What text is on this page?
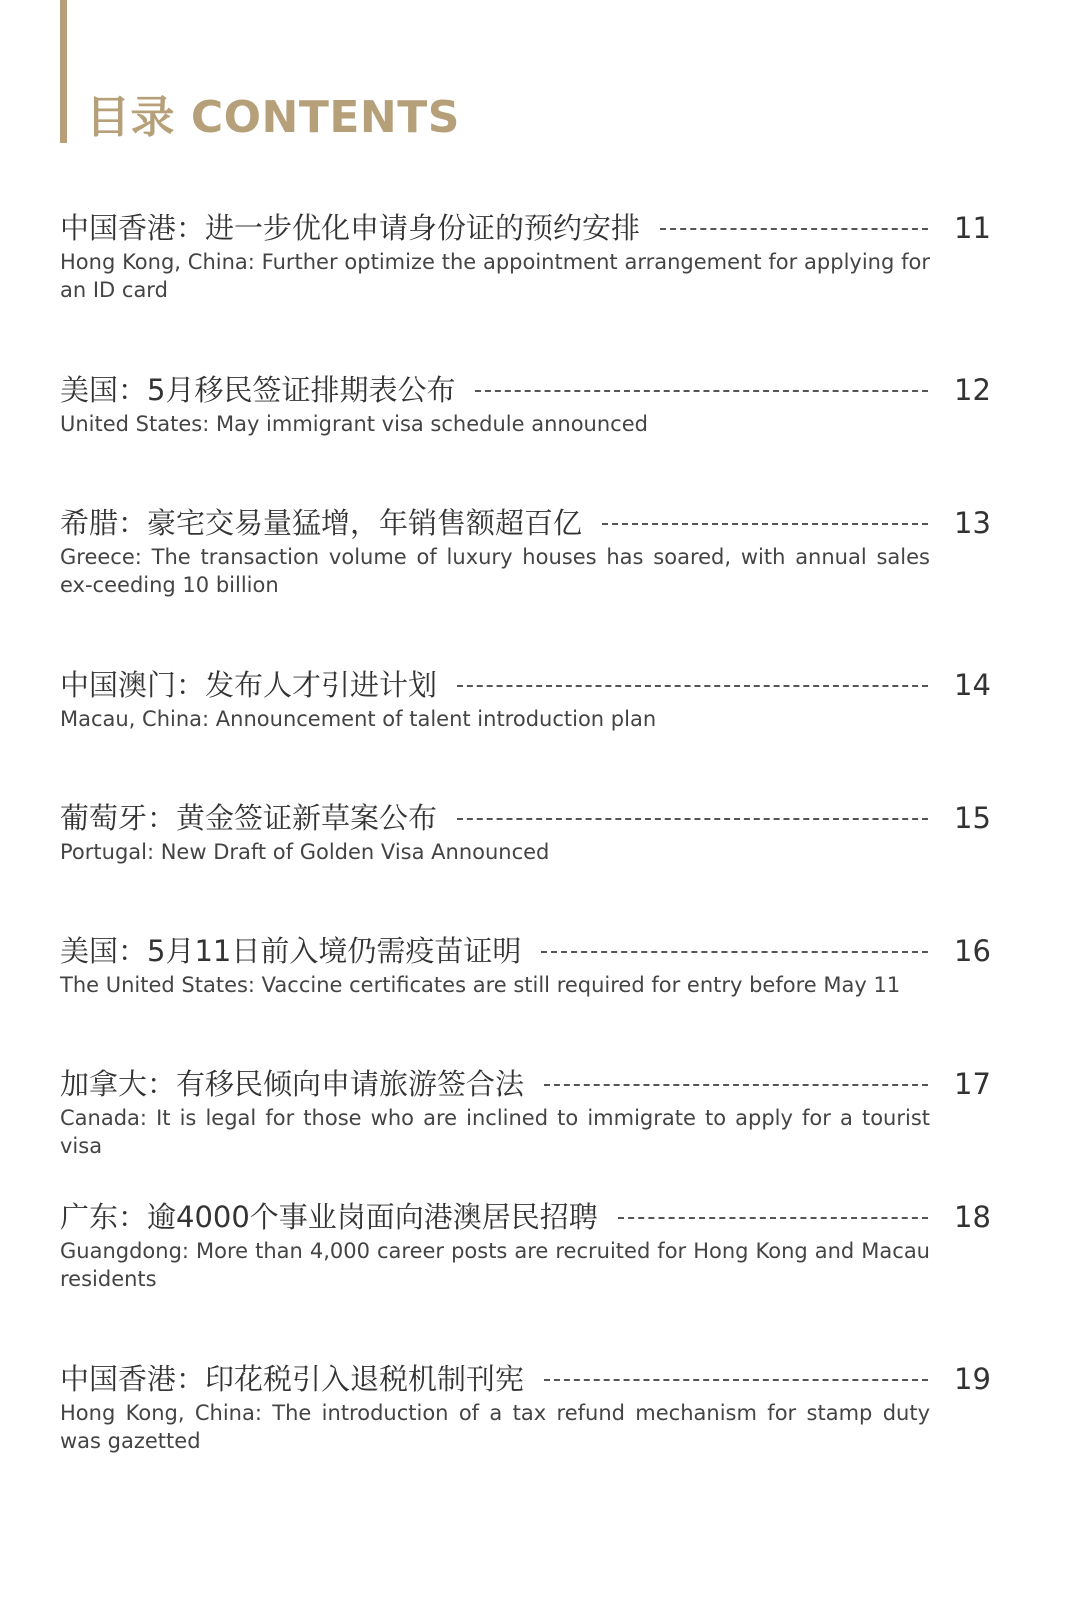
目录 CONTENTS
中国香港：进一步优化申请身份证的预约安排	11
Hong Kong, China: Further optimize the appointment arrangement for applying for an ID card
美国：5月移民签证排期表公布	12
United States: May immigrant visa schedule announced
希腊：豪宅交易量猛增，年销售额超百亿	13
Greece: The transaction volume of luxury houses has soared, with annual sales ex-ceeding 10 billion
中国澳门：发布人才引进计划	14
Macau, China: Announcement of talent introduction plan
葡萄牙：黄金签证新草案公布	15
Portugal: New Draft of Golden Visa Announced
美国：5月11日前入境仍需疫苗证明	16
The United States: Vaccine certificates are still required for entry before May 11
加拿大：有移民倾向申请旅游签合法	17
Canada: It is legal for those who are inclined to immigrate to apply for a tourist visa
广东：逾4000个事业岗面向港澳居民招聘	18
Guangdong: More than 4,000 career posts are recruited for Hong Kong and Macau residents
中国香港：印花税引入退税机制刊宪	19
Hong Kong, China: The introduction of a tax refund mechanism for stamp duty was gazetted
